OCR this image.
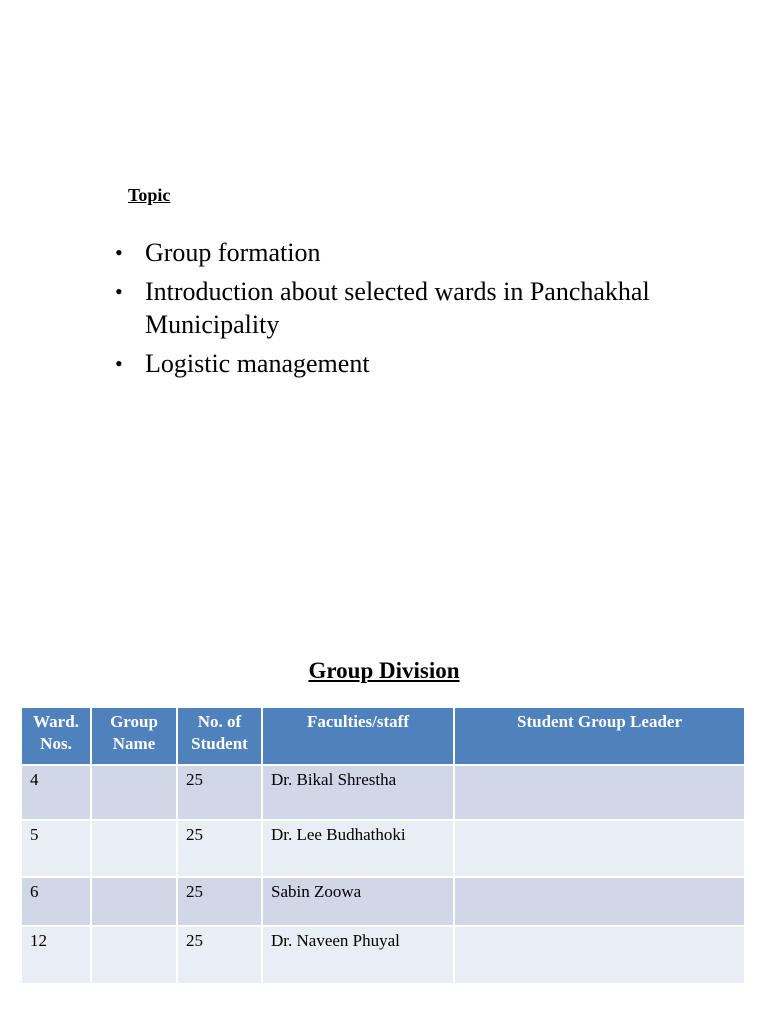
Topic
• Group formation
• Introduction about selected wards in Panchakhal Municipality
• Logistic management
Group Division
Ward. Nos.	Group Name	No. of Student	Faculties/staff	Student Group Leader
4		25	Dr. Bikal Shrestha	
5		25	Dr. Lee Budhathoki	
6		25	Sabin Zoowa	
12		25	Dr. Naveen Phuyal	
